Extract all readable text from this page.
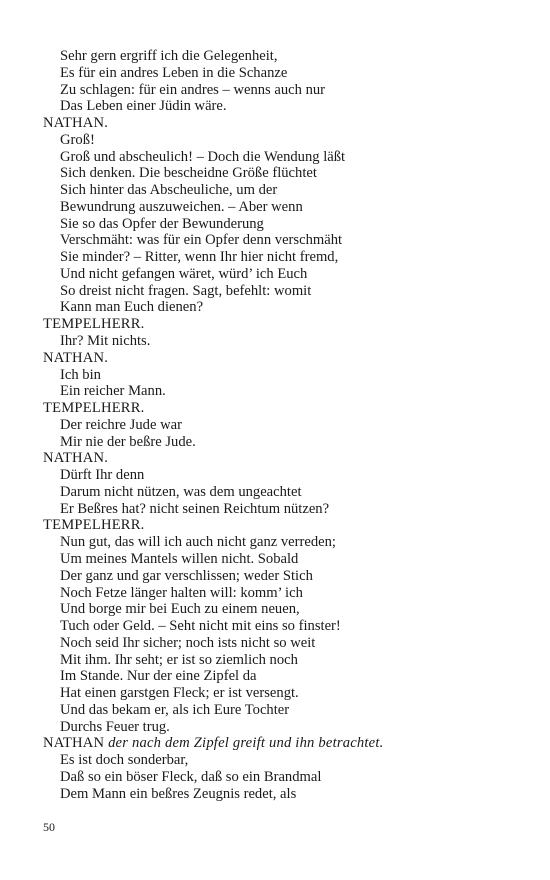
Sehr gern ergriff ich die Gelegenheit,
Es für ein andres Leben in die Schanze
Zu schlagen: für ein andres – wenns auch nur
Das Leben einer Jüdin wäre.
NATHAN.
Groß!
Groß und abscheulich! – Doch die Wendung läßt
Sich denken. Die bescheidne Größe flüchtet
Sich hinter das Abscheuliche, um der
Bewundrung auszuweichen. – Aber wenn
Sie so das Opfer der Bewunderung
Verschmäht: was für ein Opfer denn verschmäht
Sie minder? – Ritter, wenn Ihr hier nicht fremd,
Und nicht gefangen wäret, würd’ ich Euch
So dreist nicht fragen. Sagt, befehlt: womit
Kann man Euch dienen?
TEMPELHERR.
Ihr? Mit nichts.
NATHAN.
Ich bin
Ein reicher Mann.
TEMPELHERR.
Der reichre Jude war
Mir nie der beßre Jude.
NATHAN.
Dürft Ihr denn
Darum nicht nützen, was dem ungeachtet
Er Beßres hat? nicht seinen Reichtum nützen?
TEMPELHERR.
Nun gut, das will ich auch nicht ganz verreden;
Um meines Mantels willen nicht. Sobald
Der ganz und gar verschlissen; weder Stich
Noch Fetze länger halten will: komm’ ich
Und borge mir bei Euch zu einem neuen,
Tuch oder Geld. – Seht nicht mit eins so finster!
Noch seid Ihr sicher; noch ists nicht so weit
Mit ihm. Ihr seht; er ist so ziemlich noch
Im Stande. Nur der eine Zipfel da
Hat einen garstgen Fleck; er ist versengt.
Und das bekam er, als ich Eure Tochter
Durchs Feuer trug.
NATHAN der nach dem Zipfel greift und ihn betrachtet.
Es ist doch sonderbar,
Daß so ein böser Fleck, daß so ein Brandmal
Dem Mann ein beßres Zeugnis redet, als
50
